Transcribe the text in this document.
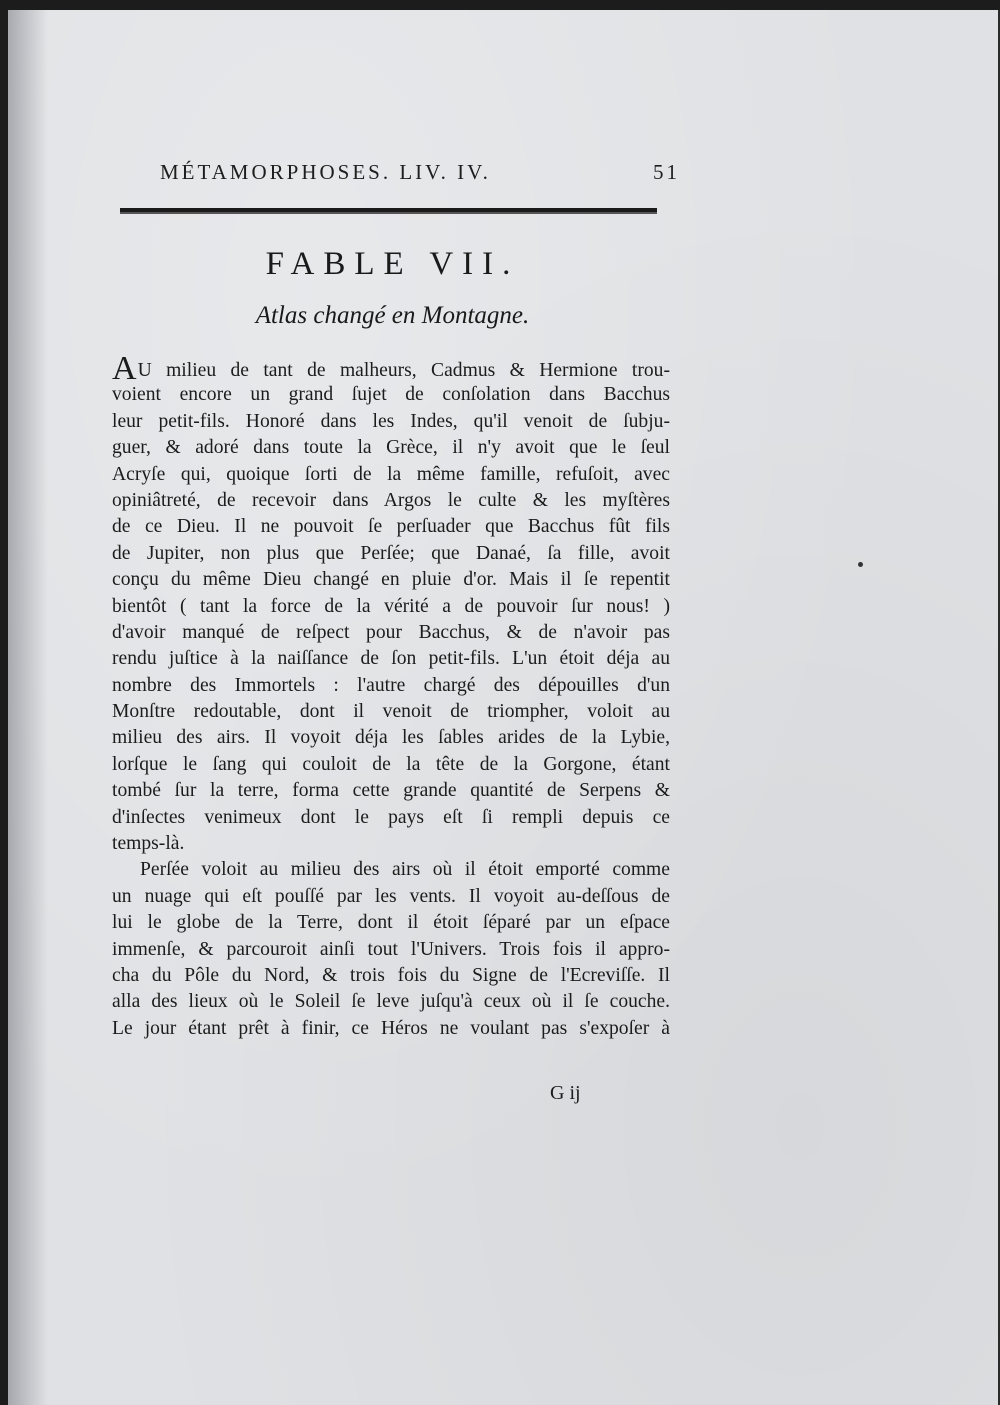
MÉTAMORPHOSES. LIV. IV.	51
FABLE VII.
Atlas changé en Montagne.
AU milieu de tant de malheurs, Cadmus & Hermione trou-
voient encore un grand ſujet de conſolation dans Bacchus
leur petit-fils. Honoré dans les Indes, qu'il venoit de ſubju-
guer, & adoré dans toute la Grèce, il n'y avoit que le ſeul
Acryſe qui, quoique ſorti de la même famille, refuſoit, avec
opiniâtreté, de recevoir dans Argos le culte & les myſtères
de ce Dieu. Il ne pouvoit ſe perſuader que Bacchus fût fils
de Jupiter, non plus que Perſée; que Danaé, ſa fille, avoit
conçu du même Dieu changé en pluie d'or. Mais il ſe repentit
bientôt ( tant la force de la vérité a de pouvoir ſur nous! )
d'avoir manqué de reſpect pour Bacchus, & de n'avoir pas
rendu juſtice à la naiſſance de ſon petit-fils. L'un étoit déja au
nombre des Immortels : l'autre chargé des dépouilles d'un
Monſtre redoutable, dont il venoit de triompher, voloit au
milieu des airs. Il voyoit déja les ſables arides de la Lybie,
lorſque le ſang qui couloit de la tête de la Gorgone, étant
tombé ſur la terre, forma cette grande quantité de Serpens &
d'inſectes venimeux dont le pays eſt ſi rempli depuis ce
temps-là.
Perſée voloit au milieu des airs où il étoit emporté comme
un nuage qui eſt pouſſé par les vents. Il voyoit au-deſſous de
lui le globe de la Terre, dont il étoit ſéparé par un eſpace
immenſe, & parcouroit ainſi tout l'Univers. Trois fois il appro-
cha du Pôle du Nord, & trois fois du Signe de l'Ecreviſſe. Il
alla des lieux où le Soleil ſe leve juſqu'à ceux où il ſe couche.
Le jour étant prêt à finir, ce Héros ne voulant pas s'expoſer à
G ij
